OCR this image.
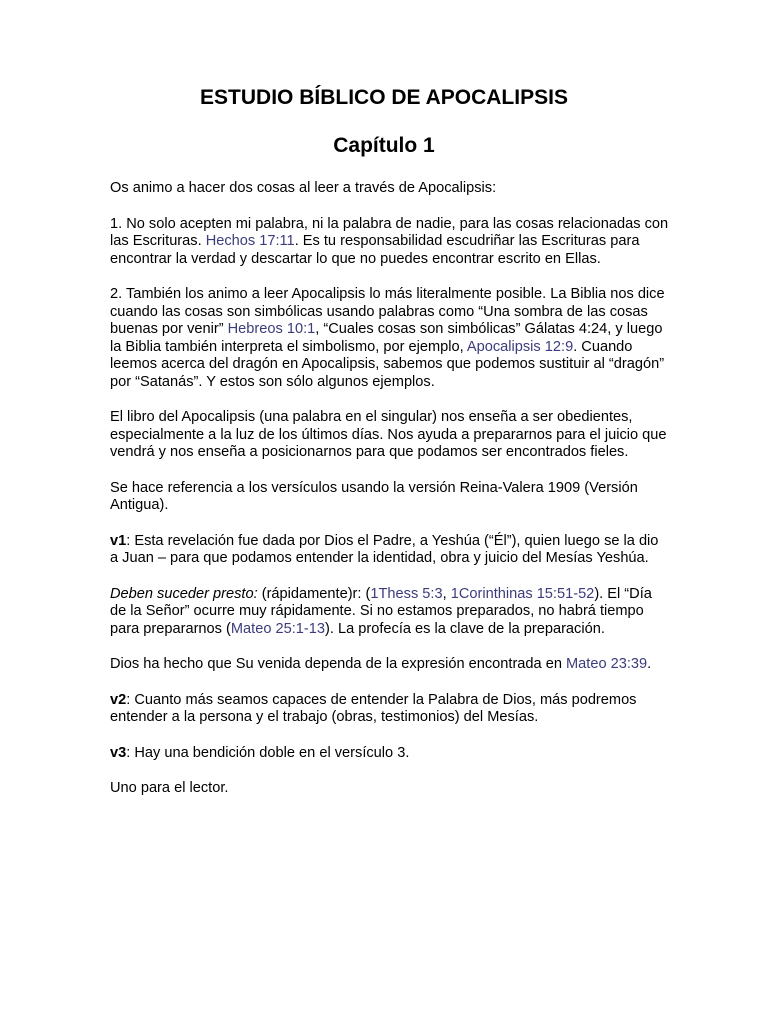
ESTUDIO BÍBLICO DE APOCALIPSIS
Capítulo 1

Os animo a hacer dos cosas al leer a través de Apocalipsis:

1. No solo acepten mi palabra, ni la palabra de nadie, para las cosas relacionadas con las Escrituras. Hechos 17:11. Es tu responsabilidad escudriñar las Escrituras para encontrar la verdad y descartar lo que no puedes encontrar escrito en Ellas.

2. También los animo a leer Apocalipsis lo más literalmente posible. La Biblia nos dice cuando las cosas son simbólicas usando palabras como “Una sombra de las cosas buenas por venir” Hebreos 10:1, “Cuales cosas son simbólicas” Gálatas 4:24, y luego la Biblia también interpreta el simbolismo, por ejemplo, Apocalipsis 12:9. Cuando leemos acerca del dragón en Apocalipsis, sabemos que podemos sustituir al “dragón” por “Satanás”. Y estos son sólo algunos ejemplos.

El libro del Apocalipsis (una palabra en el singular) nos enseña a ser obedientes, especialmente a la luz de los últimos días. Nos ayuda a prepararnos para el juicio que vendrá y nos enseña a posicionarnos para que podamos ser encontrados fieles.

Se hace referencia a los versículos usando la versión Reina-Valera 1909 (Versión Antigua).

v1: Esta revelación fue dada por Dios el Padre, a Yeshúa (“Él”), quien luego se la dio a Juan – para que podamos entender la identidad, obra y juicio del Mesías Yeshúa.

Deben suceder presto: (rápidamente)r: (1Thess 5:3, 1Corinthinas 15:51-52). El “Día de la Señor” ocurre muy rápidamente. Si no estamos preparados, no habrá tiempo para prepararnos (Mateo 25:1-13). La profecía es la clave de la preparación.

Dios ha hecho que Su venida dependa de la expresión encontrada en Mateo 23:39.

v2: Cuanto más seamos capaces de entender la Palabra de Dios, más podremos entender a la persona y el trabajo (obras, testimonios) del Mesías.

v3: Hay una bendición doble en el versículo 3.

Uno para el lector.
